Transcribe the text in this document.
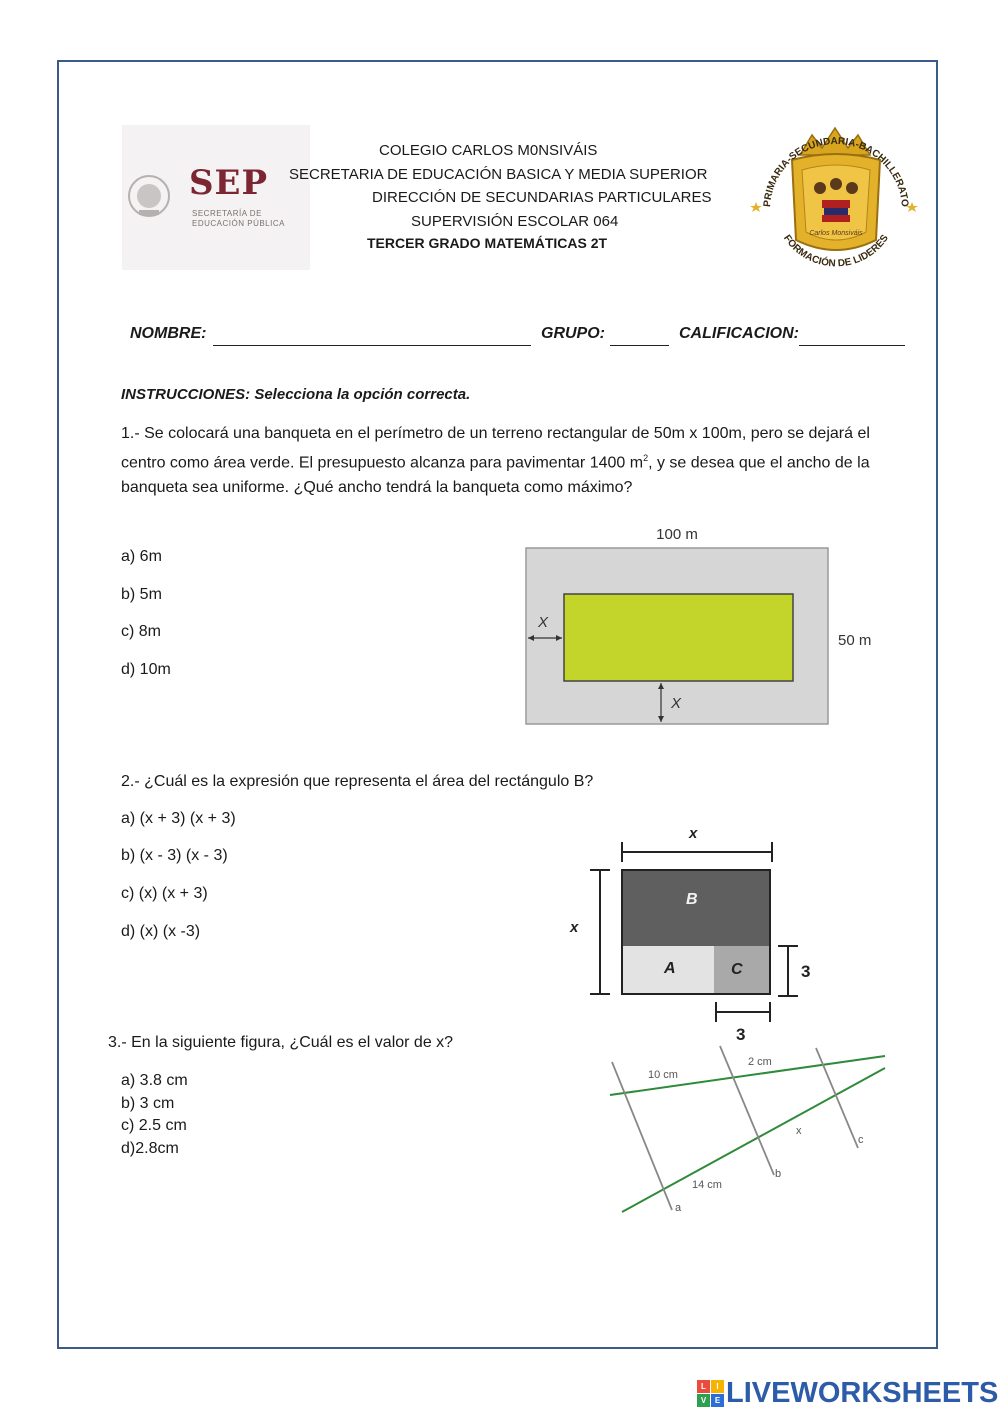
SEP
SECRETARÍA DE
EDUCACIÓN PÚBLICA
COLEGIO CARLOS M0NSIVÁIS
SECRETARIA DE EDUCACIÓN BASICA Y MEDIA SUPERIOR
DIRECCIÓN DE SECUNDARIAS PARTICULARES
SUPERVISIÓN ESCOLAR 064
TERCER GRADO MATEMÁTICAS 2T
Carlos Monsiváis
PRIMARIA-SECUNDARIA-BACHILLERATO
FORMACIÓN DE LIDERES
NOMBRE:	GRUPO:	CALIFICACION:
INSTRUCCIONES: Selecciona la opción correcta.
1.- Se colocará una banqueta en el perímetro de un terreno rectangular de 50m x 100m, pero se dejará el centro como área verde. El presupuesto alcanza para pavimentar 1400 $m^2$, y se desea que el ancho de la banqueta sea uniforme. ¿Qué ancho tendrá la banqueta como máximo?
a) 6m
b) 5m
c) 8m
d) 10m
100 m
50 m
X
X
2.- ¿Cuál es la expresión que representa el área del rectángulo B?
a) (x + 3) (x + 3)
b) (x - 3) (x - 3)
c) (x) (x + 3)
d) (x) (x -3)
x
B
A	C
x
3
3
3.- En la siguiente figura, ¿Cuál es el valor de x?
a) 3.8 cm
b) 3 cm
c) 2.5 cm
d)2.8cm
10 cm
2 cm
14 cm
x
a
b
c
L	I
V	E LIVEWORKSHEETS
